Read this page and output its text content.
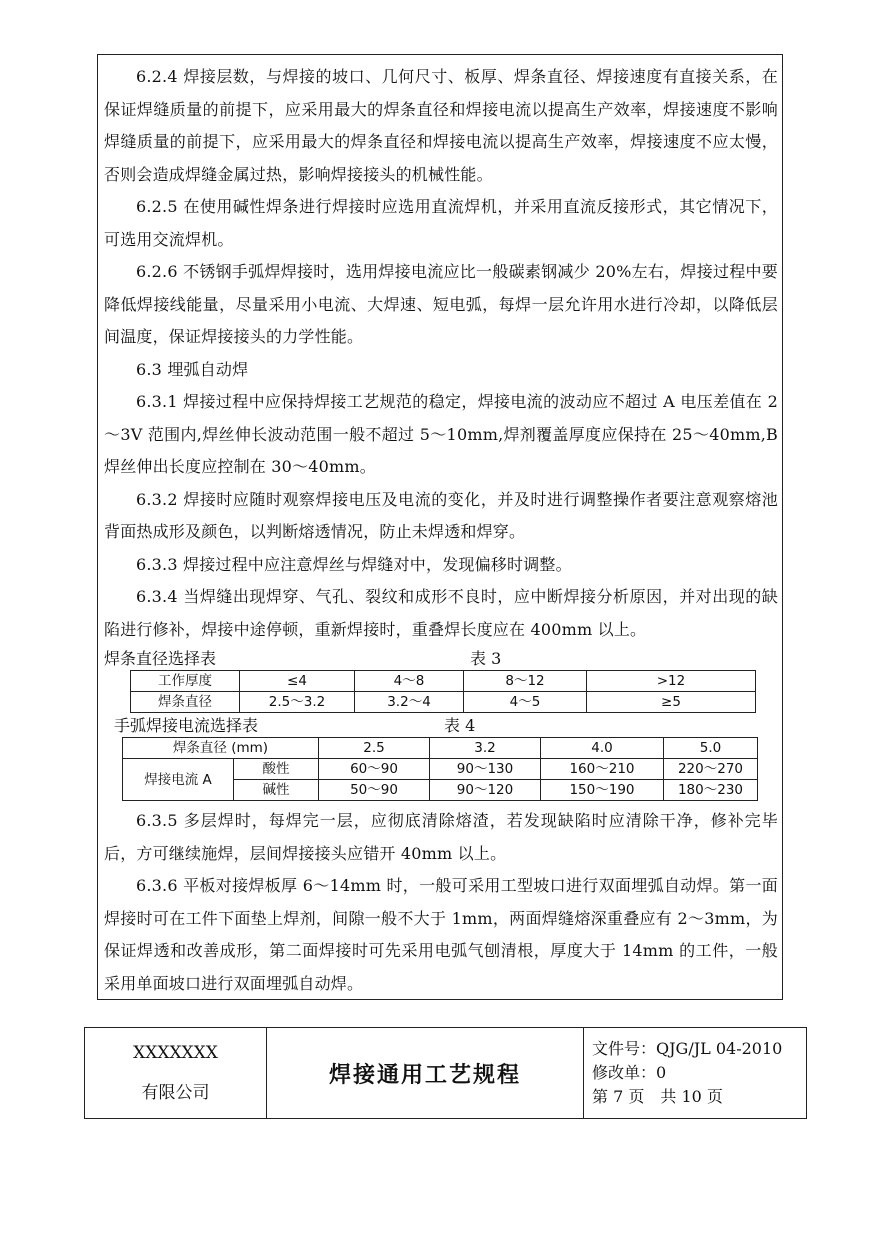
6.2.4 焊接层数，与焊接的坡口、几何尺寸、板厚、焊条直径、焊接速度有直接关系，在保证焊缝质量的前提下，应采用最大的焊条直径和焊接电流以提高生产效率，焊接速度不影响焊缝质量的前提下，应采用最大的焊条直径和焊接电流以提高生产效率，焊接速度不应太慢，否则会造成焊缝金属过热，影响焊接接头的机械性能。

6.2.5 在使用碱性焊条进行焊接时应选用直流焊机，并采用直流反接形式，其它情况下，可选用交流焊机。

6.2.6 不锈钢手弧焊焊接时，选用焊接电流应比一般碳素钢减少 20%左右，焊接过程中要降低焊接线能量，尽量采用小电流、大焊速、短电弧，每焊一层允许用水进行冷却，以降低层间温度，保证焊接接头的力学性能。

6.3 埋弧自动焊

6.3.1 焊接过程中应保持焊接工艺规范的稳定，焊接电流的波动应不超过 A 电压差值在 2～3V 范围内,焊丝伸长波动范围一般不超过 5～10mm,焊剂覆盖厚度应保持在 25～40mm,B 焊丝伸出长度应控制在 30～40mm。

6.3.2 焊接时应随时观察焊接电压及电流的变化，并及时进行调整操作者要注意观察熔池背面热成形及颜色，以判断熔透情况，防止未焊透和焊穿。

6.3.3 焊接过程中应注意焊丝与焊缝对中，发现偏移时调整。

6.3.4 当焊缝出现焊穿、气孔、裂纹和成形不良时，应中断焊接分析原因，并对出现的缺陷进行修补，焊接中途停顿，重新焊接时，重叠焊长度应在 400mm 以上。

焊条直径选择表	表 3
工作厚度	≤4	4～8	8～12	>12
焊条直径	2.5～3.2	3.2～4	4～5	≥5
手弧焊接电流选择表	表 4
焊条直径 (mm)		2.5	3.2	4.0	5.0
焊接电流 A	酸性	60～90	90～130	160～210	220～270
	碱性	50～90	90～120	150～190	180～230

6.3.5 多层焊时，每焊完一层，应彻底清除熔渣，若发现缺陷时应清除干净，修补完毕后，方可继续施焊，层间焊接接头应错开 40mm 以上。

6.3.6 平板对接焊板厚 6～14mm 时，一般可采用工型坡口进行双面埋弧自动焊。第一面焊接时可在工件下面垫上焊剂，间隙一般不大于 1mm，两面焊缝熔深重叠应有 2～3mm，为保证焊透和改善成形，第二面焊接时可先采用电弧气刨清根，厚度大于 14mm 的工件，一般采用单面坡口进行双面埋弧自动焊。

XXXXXXX
有限公司
焊接通用工艺规程
文件号：QJG/JL 04-2010
修改单：0
第 7 页　共 10 页
